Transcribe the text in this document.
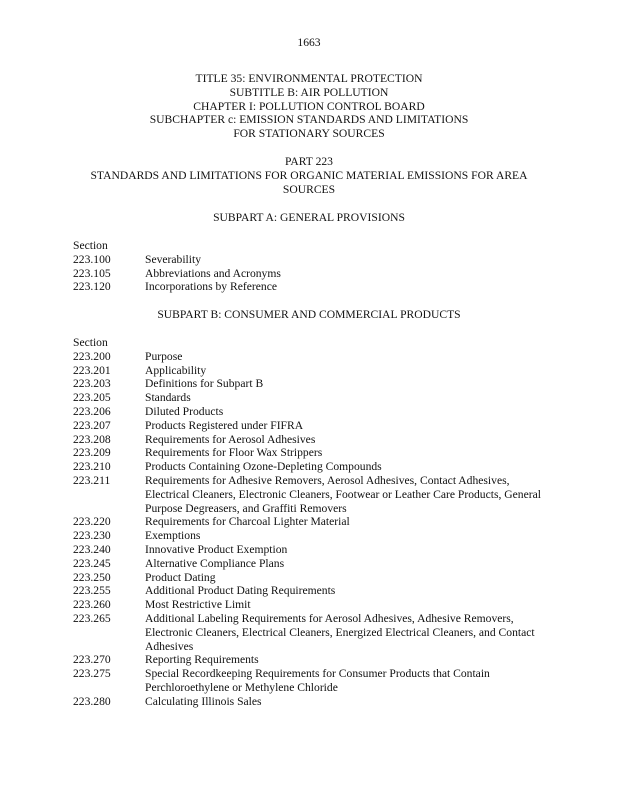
1663
TITLE 35: ENVIRONMENTAL PROTECTION
SUBTITLE B: AIR POLLUTION
CHAPTER I: POLLUTION CONTROL BOARD
SUBCHAPTER c: EMISSION STANDARDS AND LIMITATIONS
FOR STATIONARY SOURCES
PART 223
STANDARDS AND LIMITATIONS FOR ORGANIC MATERIAL EMISSIONS FOR AREA SOURCES
SUBPART A: GENERAL PROVISIONS
Section
223.100	Severability
223.105	Abbreviations and Acronyms
223.120	Incorporations by Reference
SUBPART B: CONSUMER AND COMMERCIAL PRODUCTS
Section
223.200	Purpose
223.201	Applicability
223.203	Definitions for Subpart B
223.205	Standards
223.206	Diluted Products
223.207	Products Registered under FIFRA
223.208	Requirements for Aerosol Adhesives
223.209	Requirements for Floor Wax Strippers
223.210	Products Containing Ozone-Depleting Compounds
223.211	Requirements for Adhesive Removers, Aerosol Adhesives, Contact Adhesives, Electrical Cleaners, Electronic Cleaners, Footwear or Leather Care Products, General Purpose Degreasers, and Graffiti Removers
223.220	Requirements for Charcoal Lighter Material
223.230	Exemptions
223.240	Innovative Product Exemption
223.245	Alternative Compliance Plans
223.250	Product Dating
223.255	Additional Product Dating Requirements
223.260	Most Restrictive Limit
223.265	Additional Labeling Requirements for Aerosol Adhesives, Adhesive Removers, Electronic Cleaners, Electrical Cleaners, Energized Electrical Cleaners, and Contact Adhesives
223.270	Reporting Requirements
223.275	Special Recordkeeping Requirements for Consumer Products that Contain Perchloroethylene or Methylene Chloride
223.280	Calculating Illinois Sales
